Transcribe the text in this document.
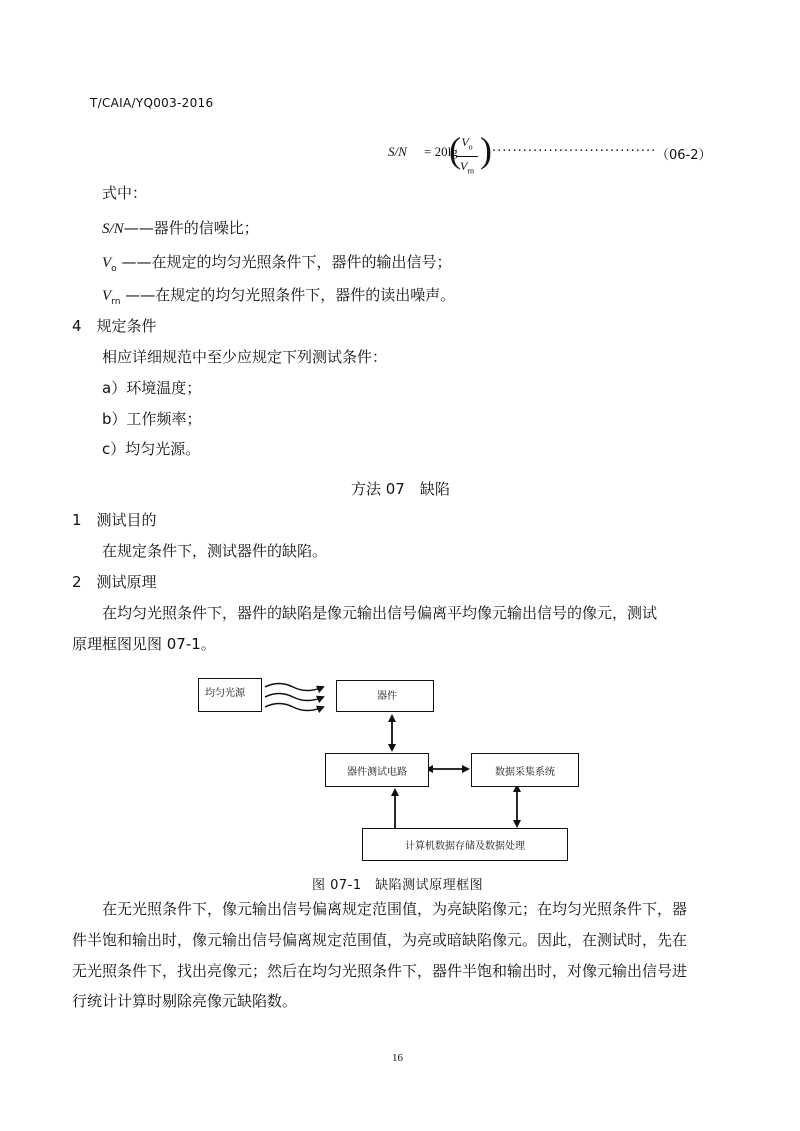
T/CAIA/YQ003-2016
S/N = 20lg
( $V_o$
$V_{rn}$
) ································ （06-2）
式中：
S/N——器件的信噪比；
$V_o$ ——在规定的均匀光照条件下，器件的输出信号；
$V_{rn}$ ——在规定的均匀光照条件下，器件的读出噪声。
4　规定条件
相应详细规范中至少应规定下列测试条件：
a）环境温度；
b）工作频率；
c）均匀光源。
方法 07　缺陷
1　测试目的
在规定条件下，测试器件的缺陷。
2　测试原理
在均匀光照条件下，器件的缺陷是像元输出信号偏离平均像元输出信号的像元，测试
原理框图见图 07-1。
均匀光源	器件
器件测试电路	数据采集系统
计算机数据存储及数据处理
图 07-1　缺陷测试原理框图
在无光照条件下，像元输出信号偏离规定范围值，为亮缺陷像元；在均匀光照条件下，器
件半饱和输出时，像元输出信号偏离规定范围值，为亮或暗缺陷像元。因此，在测试时，先在
无光照条件下，找出亮像元；然后在均匀光照条件下，器件半饱和输出时，对像元输出信号进
行统计计算时剔除亮像元缺陷数。
16
